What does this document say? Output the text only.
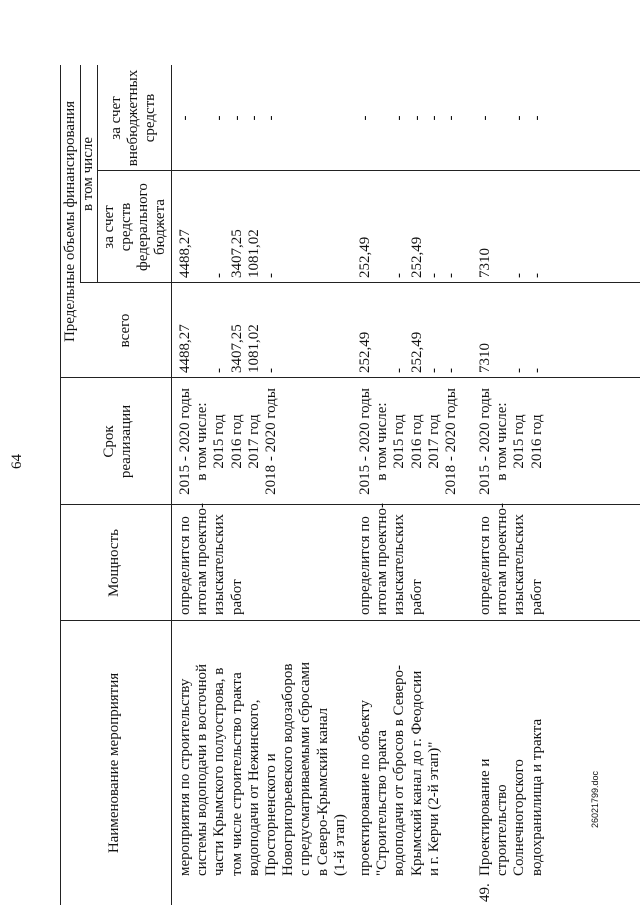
26021799.doc
64
Наименование мероприятия
Мощность
Срок
реализации
Предельные объемы финансирования	всего
в том числе
за счет
средств
федерального
бюджета
за счет
внебюджетных
средств
мероприятия по строительству
системы водоподачи в восточной
части Крымского полуострова, в
том числе строительство тракта
водоподачи от Нежинского,
Просторненского и
Новогригорьевского водозаборов
с предусматриваемыми сбросами
в Северо-Крымский канал
(1-й этап)
определится по
итогам проектно-
изыскательских
работ
2015 - 2020 годы
в том числе:
2015 год
2016 год
2017 год
2018 - 2020 годы
4488,27

-
3407,25
1081,02
-
4488,27

-
3407,25
1081,02
-
-

-
-
-
-
проектирование по объекту
"Строительство тракта
водоподачи от сбросов в Северо-
Крымский канал до г. Феодосии
и г. Керчи (2-й этап)"
определится по
итогам проектно-
изыскательских
работ
2015 - 2020 годы
в том числе:
2015 год
2016 год
2017 год
2018 - 2020 годы
252,49

-
252,49
-
-
252,49

-
252,49
-
-
-

-
-
-
-
49.
Проектирование и
строительство
Солнечногорского
водохранилища и тракта
определится по
итогам проектно-
изыскательских
работ
2015 - 2020 годы
в том числе:
2015 год
2016 год
7310

-
-
7310

-
-
-

-
-
